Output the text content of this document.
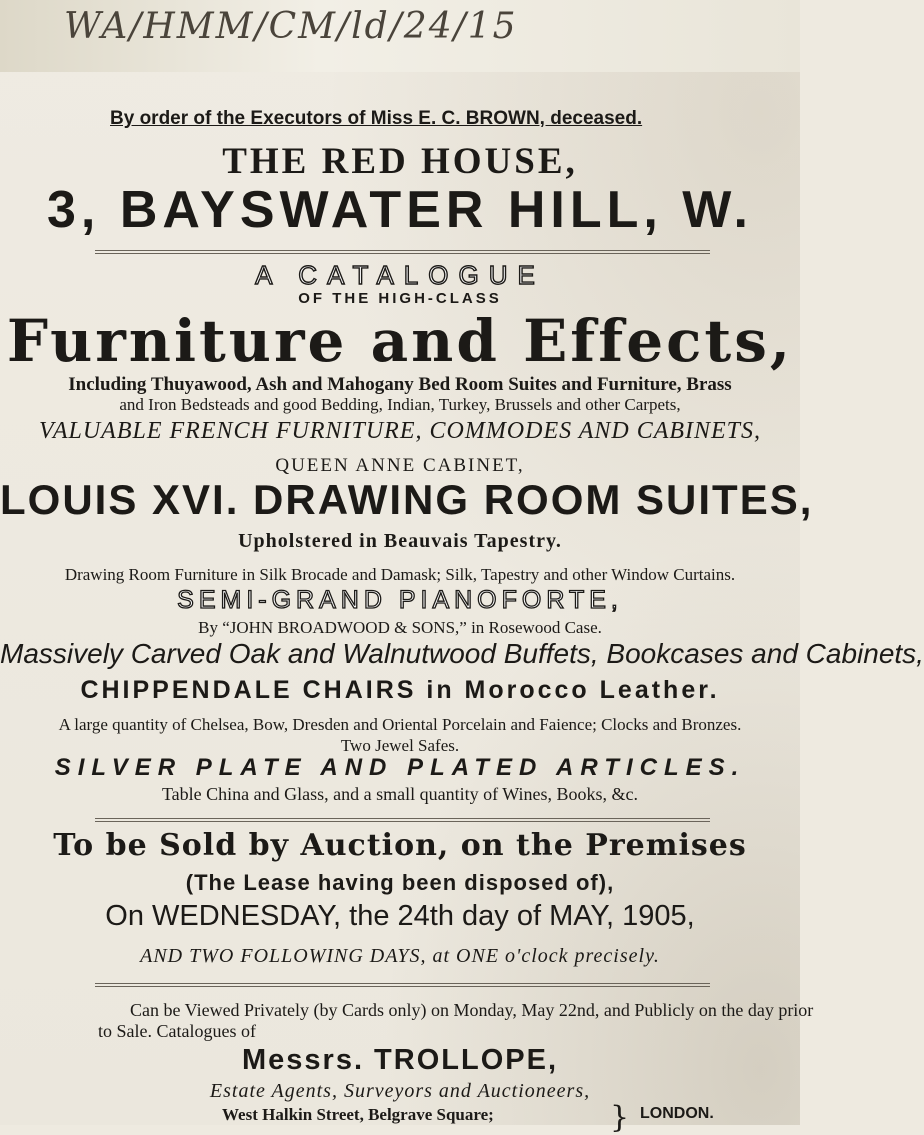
WA/HMM/CM/ld/24/15
By order of the Executors of Miss E. C. BROWN, deceased.
THE RED HOUSE,
3, BAYSWATER HILL, W.
A CATALOGUE
OF THE HIGH-CLASS
Furniture and Effects,
Including Thuyawood, Ash and Mahogany Bed Room Suites and Furniture, Brass
and Iron Bedsteads and good Bedding, Indian, Turkey, Brussels and other Carpets,
VALUABLE FRENCH FURNITURE, COMMODES AND CABINETS,
QUEEN ANNE CABINET,
LOUIS XVI. DRAWING ROOM SUITES,
Upholstered in Beauvais Tapestry.
Drawing Room Furniture in Silk Brocade and Damask; Silk, Tapestry and other Window Curtains.
SEMI-GRAND PIANOFORTE,
By “JOHN BROADWOOD & SONS,” in Rosewood Case.
Massively Carved Oak and Walnutwood Buffets, Bookcases and Cabinets,
CHIPPENDALE CHAIRS in Morocco Leather.
A large quantity of Chelsea, Bow, Dresden and Oriental Porcelain and Faience; Clocks and Bronzes.
Two Jewel Safes.
SILVER PLATE AND PLATED ARTICLES.
Table China and Glass, and a small quantity of Wines, Books, &c.
To be Sold by Auction, on the Premises
(The Lease having been disposed of),
On WEDNESDAY, the 24th day of MAY, 1905,
AND TWO FOLLOWING DAYS, at ONE o'clock precisely.
Can be Viewed Privately (by Cards only) on Monday, May 22nd, and Publicly on the day prior
to Sale. Catalogues of
Messrs. TROLLOPE,
Estate Agents, Surveyors and Auctioneers,
West Halkin Street, Belgrave Square;	} LONDON.
